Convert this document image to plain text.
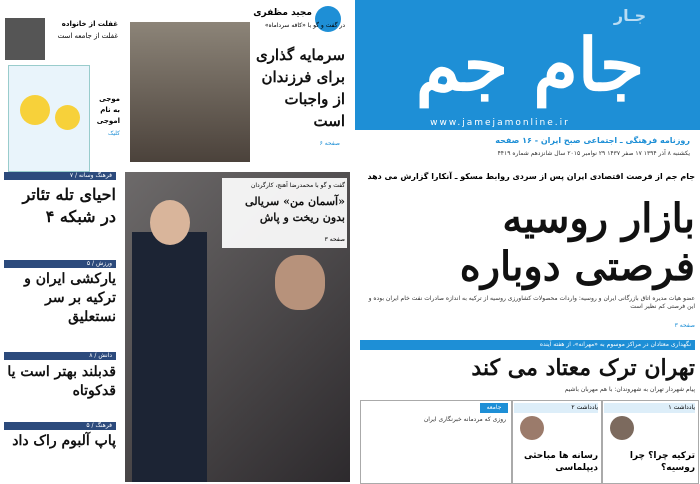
جـار
جام جم
www.jamejamonline.ir
روزنامه فرهنگی ـ اجتماعی صبح ایران - ۱۶ صفحه
یکشنبه ۸ آذر ۱۳۹۴ ۱۷ صفر ۱۴۳۷ ۲۹ نوامبر ۲۰۱۵ سال شانزدهم شماره ۴۴۱۹
غفلت از خانواده
غفلت از جامعه است
موجی
به نام
اموجی
کلیک
مجید مظفری
در گفت و گو با «کافه سرداماه»
سرمایه گذاری برای فرزندان از واجبات است
صفحه ۶
گفت و گو با محمدرضا آهنج، کارگردان
«آسمان من» سریالی بدون ریخت و پاش
صفحه ۳
فرهنگ وسانه / ۷
احیای تله تئاتر در شبکه ۴
ورزش / ۵
یارکشی ایران و ترکیه بر سر نستعلیق
دانش / ۸
قدبلند بهتر است یا قدکوتاه
فرهنگ / ۵
پاپ آلبوم راک داد
جام جم از فرصت اقتصادی ایران پس از سردی روابط مسکو ـ آنکارا گزارش می دهد
بازار روسیه
فرصتی دوباره
عضو هیات مدیره اتاق بازرگانی ایران و روسیه: واردات محصولات کشاورزی روسیه از ترکیه به اندازه صادرات نفت خام ایران بوده و این فرصتی کم نظیر است
صفحه ۳
نگهداری معتادان در مراکز موسوم به «مهرانه»، از هفته آینده
تهران ترک معتاد می کند
پیام شهردار تهران به شهروندان: با هم مهربان باشیم
جامعه
روزی که مردمانه خبرنگاری ایران
یادداشت ۲
رسانه ها مباحثی دیپلماسی
یادداشت ۱
ترکیه چرا؟ چرا روسیه؟
